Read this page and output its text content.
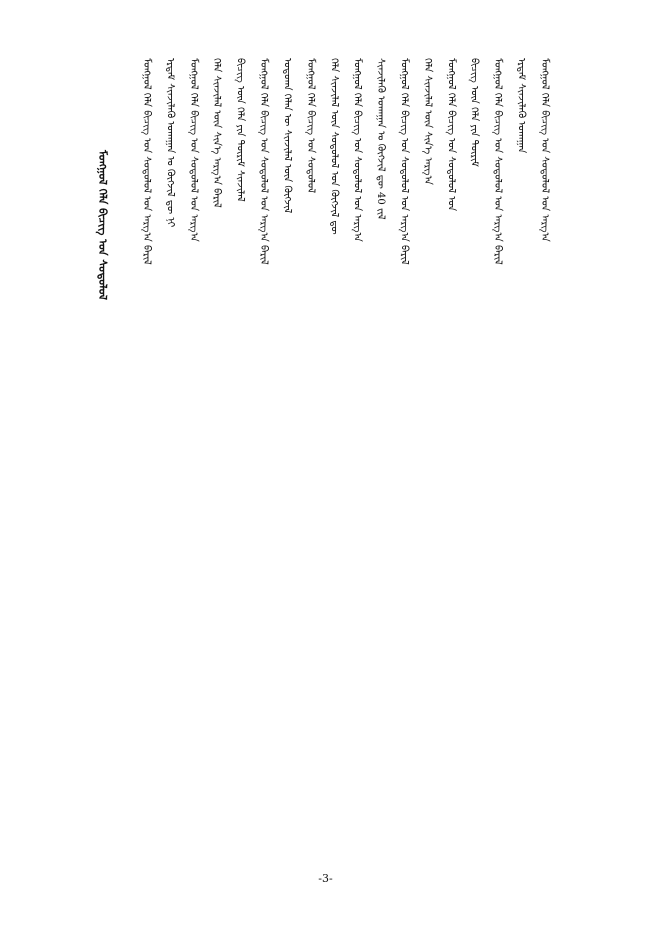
ᠮᠣᠩᠭᠣᠯ ᠬᠡᠯᠡ ᠪᠢᠴᠢᠭ ᠤᠨ ᠰᠤᠳᠤᠯᠤᠯ	ᠮᠣᠩᠭᠣᠯ ᠬᠡᠯᠡ ᠪᠢᠴᠢᠭ ᠤᠨ ᠰᠤᠳᠤᠯᠤᠯ ᠤᠨ ᠠᠷᠭ᠎ᠠ ᠪᠠᠷᠢᠯ ᠡᠷᠳᠡᠮ ᠰᠢᠨᠵᠢᠯᠡᠬᠦ ᠤᠬᠠᠭᠠᠨ ᠤ ᠬᠦᠭᠵᠢᠯ ᠳᠦ ᠨᠢ ᠮᠣᠩᠭᠣᠯ ᠬᠡᠯᠡ ᠪᠢᠴᠢᠭ ᠤᠨ ᠰᠤᠳᠤᠯᠤᠯ ᠤᠨ ᠠᠷᠭ᠎ᠠ ᠬᠡᠯᠡ ᠰᠢᠨᠵᠢᠯᠡᠯ ᠦᠨ ᠰᠢᠨ᠎ᠡ ᠠᠷᠭ᠎ᠠ ᠪᠠᠷᠢᠯ ᠪᠢᠴᠢᠭ ᠦᠨ ᠬᠡᠯᠡ ᠶᠢᠨ ᠳᠦᠷᠢᠮ ᠰᠢᠨᠵᠢᠯᠡᠯ ᠮᠣᠩᠭᠣᠯ ᠬᠡᠯᠡ ᠪᠢᠴᠢᠭ ᠤᠨ ᠰᠤᠳᠤᠯᠤᠯ ᠤᠨ ᠠᠷᠭ᠎ᠠ ᠪᠠᠷᠢᠯ ᠤᠳᠤᠬᠠ ᠬᠡᠯᠡᠨ ᠦ ᠰᠢᠨᠵᠢᠯᠡᠯ ᠦᠨ ᠬᠦᠭᠵᠢᠯ ᠮᠣᠩᠭᠣᠯ ᠬᠡᠯᠡ ᠪᠢᠴᠢᠭ ᠤᠨ ᠰᠤᠳᠤᠯᠤᠯ ᠬᠡᠯᠡ ᠰᠢᠨᠵᠢᠯᠡᠯ ᠦᠨ ᠰᠤᠳᠤᠯᠤᠯ ᠤᠨ ᠬᠦᠭᠵᠢᠯ ᠳᠦ ᠮᠣᠩᠭᠣᠯ ᠬᠡᠯᠡ ᠪᠢᠴᠢᠭ ᠤᠨ ᠰᠤᠳᠤᠯᠤᠯ ᠤᠨ ᠠᠷᠭ᠎ᠠ ᠰᠢᠨᠵᠢᠯᠡᠬᠦ ᠤᠬᠠᠭᠠᠨ ᠤ ᠬᠦᠭᠵᠢᠯ ᠳᠦ 40 ᠵᠢᠯ ᠮᠣᠩᠭᠣᠯ ᠬᠡᠯᠡ ᠪᠢᠴᠢᠭ ᠤᠨ ᠰᠤᠳᠤᠯᠤᠯ ᠤᠨ ᠠᠷᠭ᠎ᠠ ᠪᠠᠷᠢᠯ ᠬᠡᠯᠡ ᠰᠢᠨᠵᠢᠯᠡᠯ ᠦᠨ ᠰᠢᠨ᠎ᠡ ᠠᠷᠭ᠎ᠠ ᠮᠣᠩᠭᠣᠯ ᠬᠡᠯᠡ ᠪᠢᠴᠢᠭ ᠤᠨ ᠰᠤᠳᠤᠯᠤᠯ ᠤᠨ ᠪᠢᠴᠢᠭ ᠦᠨ ᠬᠡᠯᠡ ᠶᠢᠨ ᠳᠦᠷᠢᠮ ᠮᠣᠩᠭᠣᠯ ᠬᠡᠯᠡ ᠪᠢᠴᠢᠭ ᠤᠨ ᠰᠤᠳᠤᠯᠤᠯ ᠤᠨ ᠠᠷᠭ᠎ᠠ ᠪᠠᠷᠢᠯ ᠡᠷᠳᠡᠮ ᠰᠢᠨᠵᠢᠯᠡᠬᠦ ᠤᠬᠠᠭᠠᠨ ᠮᠣᠩᠭᠣᠯ ᠬᠡᠯᠡ ᠪᠢᠴᠢᠭ ᠤᠨ ᠰᠤᠳᠤᠯᠤᠯ ᠤᠨ ᠠᠷᠭ᠎ᠠ
-3-
